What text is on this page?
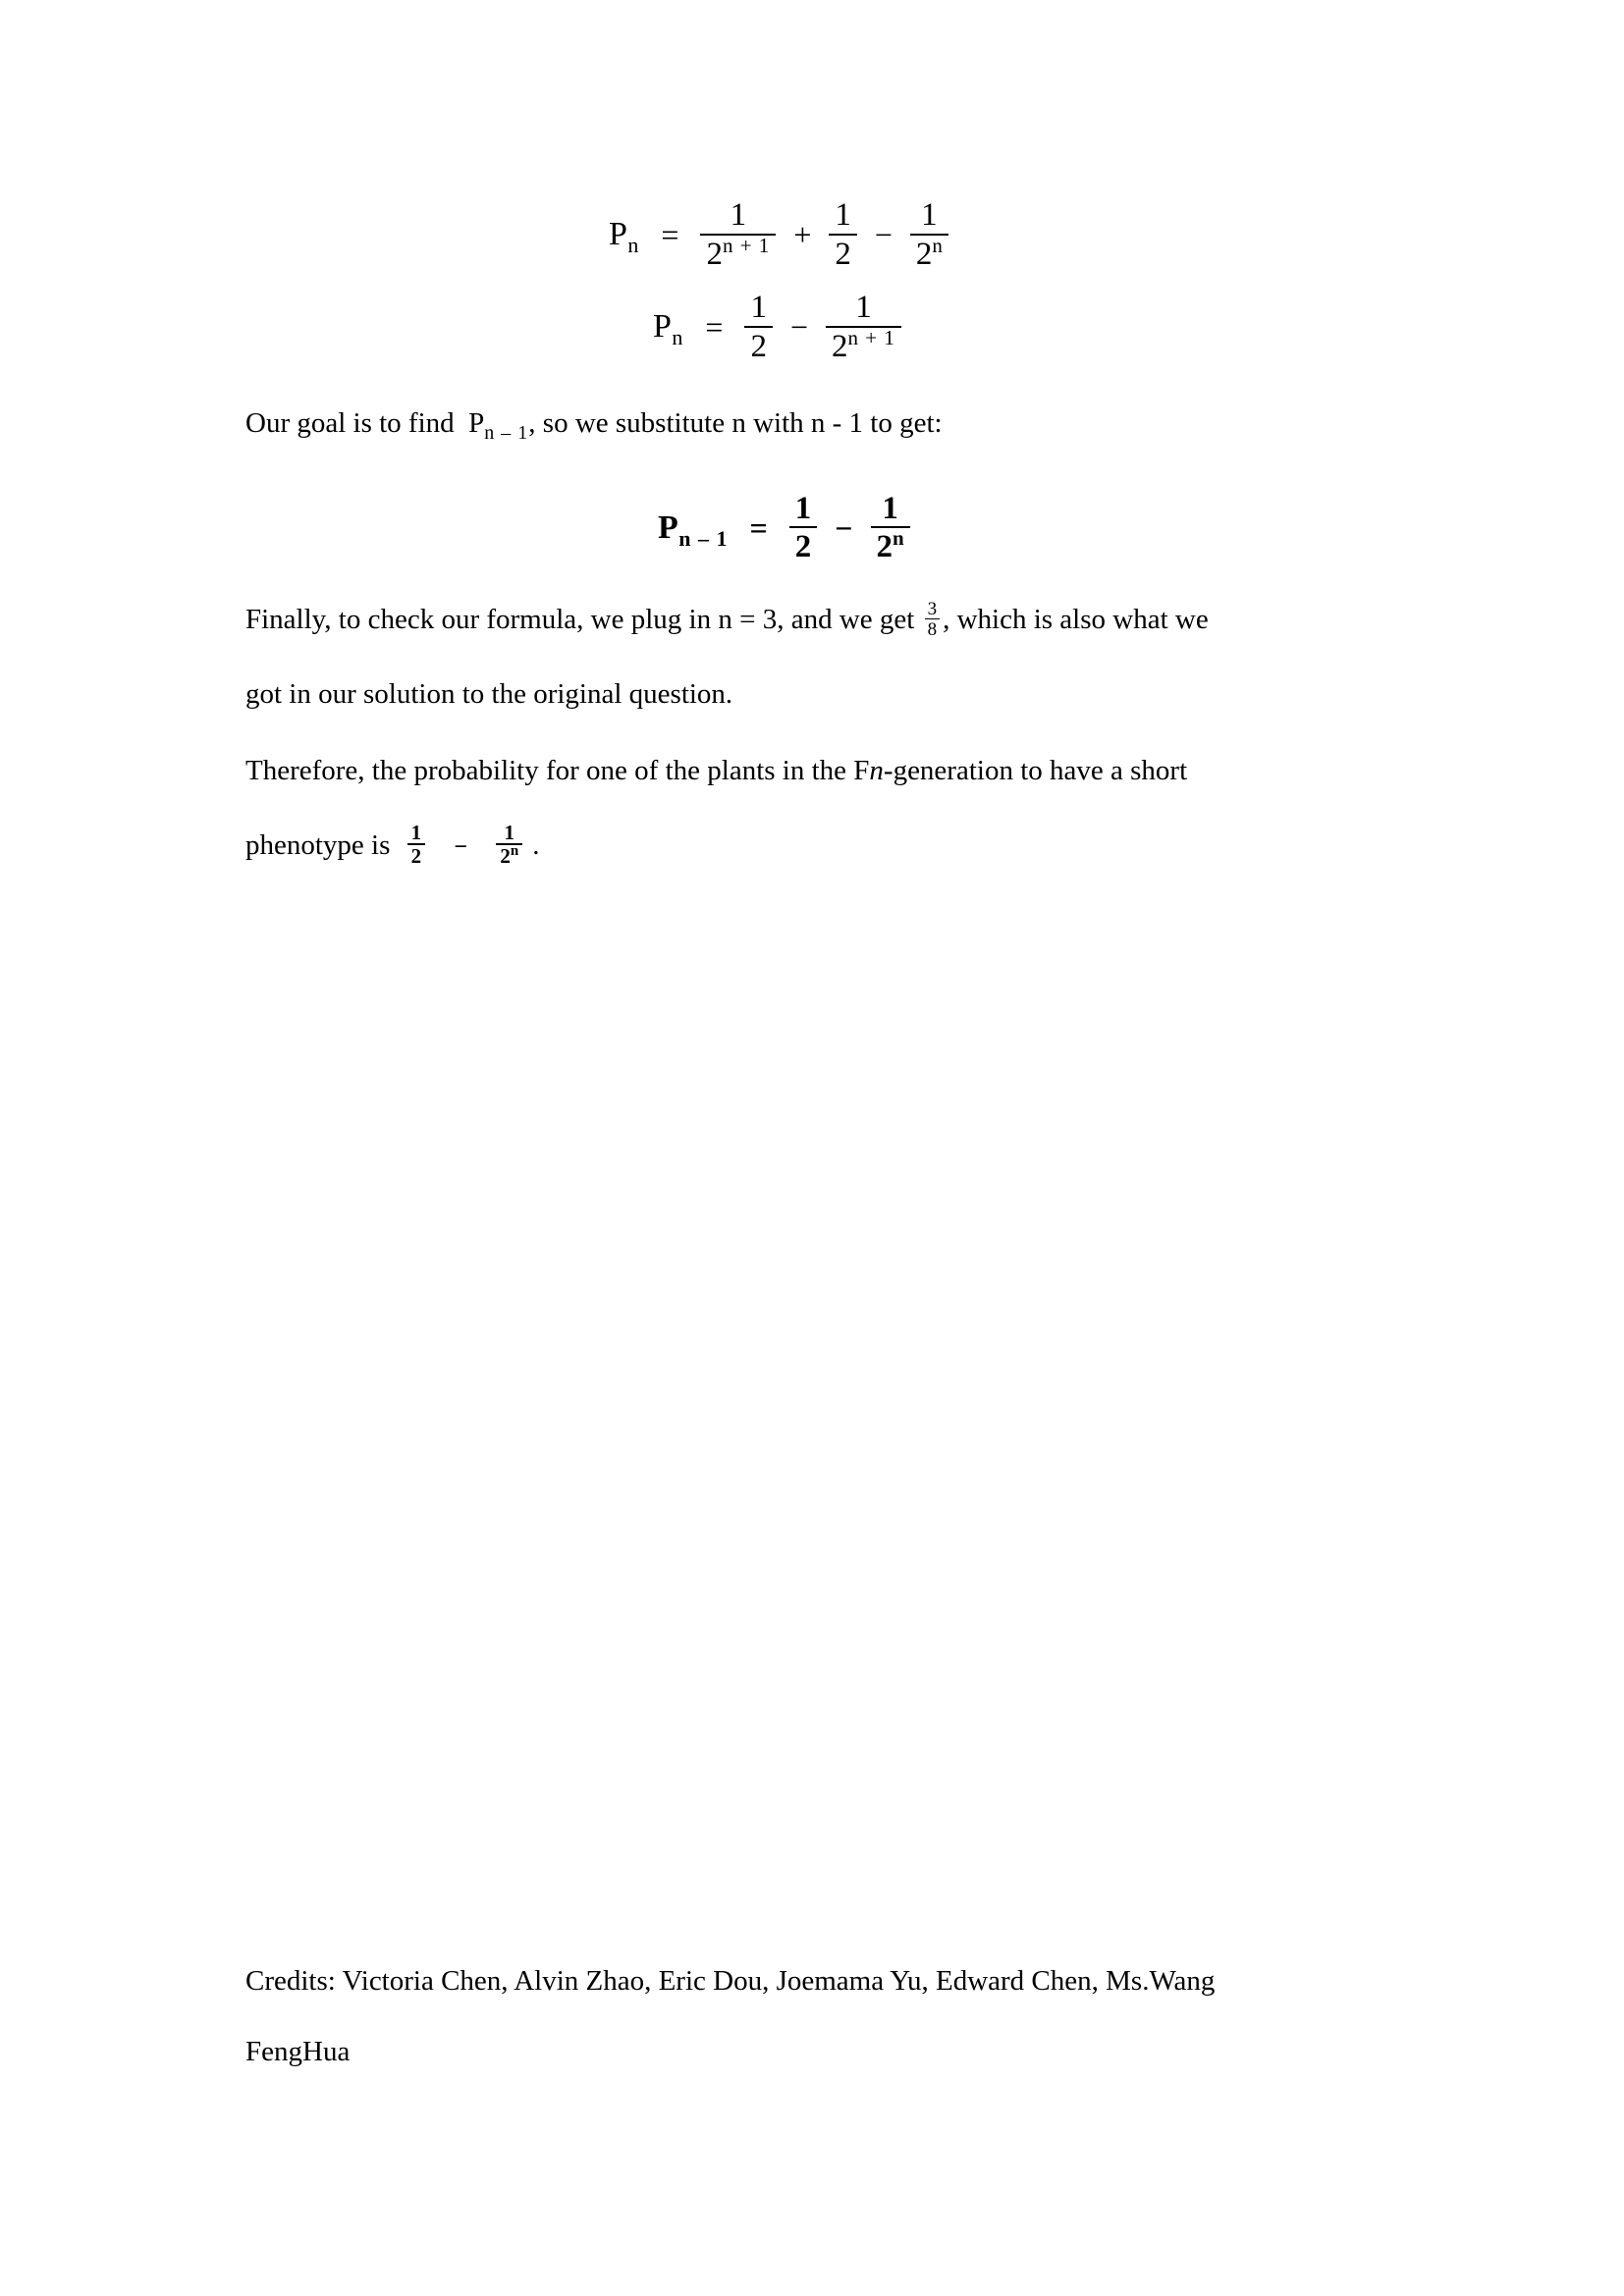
$P_n = \frac{1}{2^{n + 1}} + \frac{1}{2} - \frac{1}{2^n}$
$P_n = \frac{1}{2} - \frac{1}{2^{n + 1}}$
Our goal is to find $P_{n - 1}$, so we substitute n with n - 1 to get:
$P_{n - 1} = \frac{1}{2} - \frac{1}{2^n}$
Finally, to check our formula, we plug in n = 3, and we get $\frac{3}{8}$ , which is also what we
got in our solution to the original question.
Therefore, the probability for one of the plants in the Fn-generation to have a short
phenotype is $\frac{1}{2} - \frac{1}{2^n}$ .
Credits: Victoria Chen, Alvin Zhao, Eric Dou, Joemama Yu, Edward Chen, Ms.Wang
FengHua
